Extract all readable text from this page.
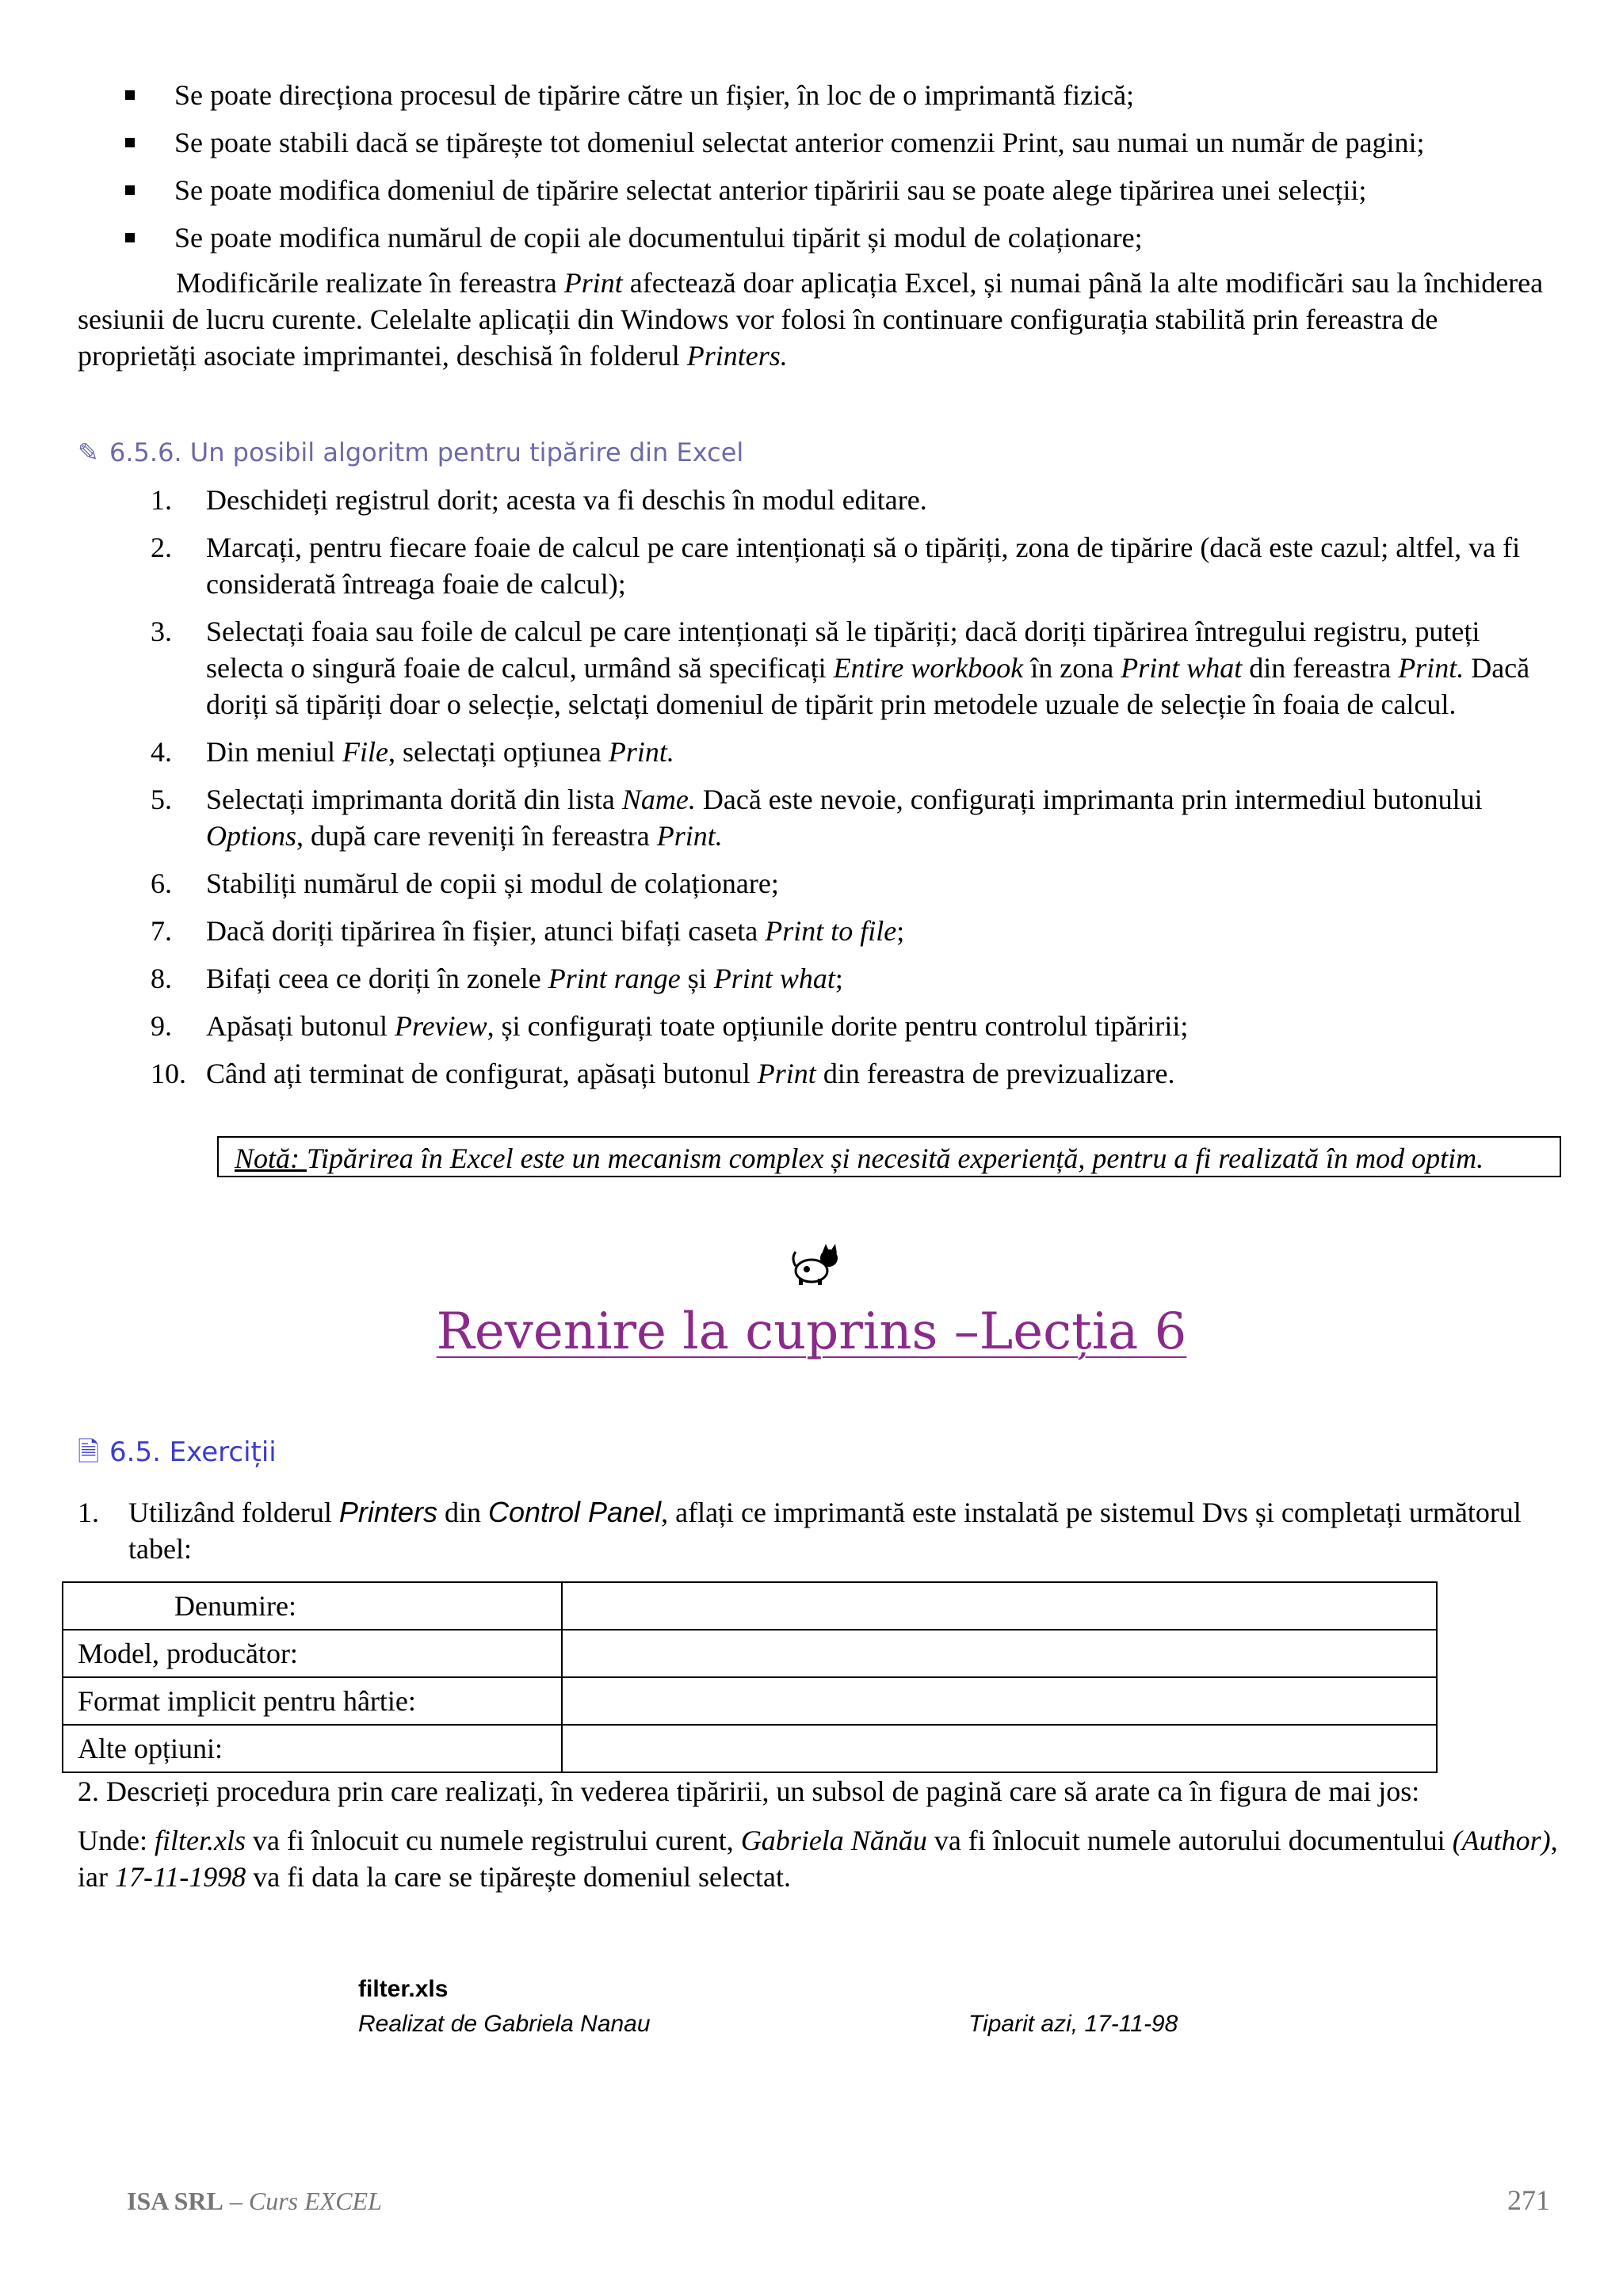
Se poate direcționa procesul de tipărire către un fișier, în loc de o imprimantă fizică;
Se poate stabili dacă se tipărește tot domeniul selectat anterior comenzii Print, sau numai un număr de pagini;
Se poate modifica domeniul de tipărire selectat anterior tipăririi sau se poate alege tipărirea unei selecții;
Se poate modifica numărul de copii ale documentului tipărit și modul de colaționare;
Modificările realizate în fereastra Print afectează doar aplicația Excel, și numai până la alte modificări sau la închiderea sesiunii de lucru curente. Celelalte aplicații din Windows vor folosi în continuare configurația stabilită prin fereastra de proprietăți asociate imprimantei, deschisă în folderul Printers.
✎ 6.5.6. Un posibil algoritm pentru tipărire din Excel
1.	Deschideți registrul dorit; acesta va fi deschis în modul editare.
2.	Marcați, pentru fiecare foaie de calcul pe care intenționați să o tipăriți, zona de tipărire (dacă este cazul; altfel, va fi considerată întreaga foaie de calcul);
3.	Selectați foaia sau foile de calcul pe care intenționați să le tipăriți; dacă doriți tipărirea întregului registru, puteți selecta o singură foaie de calcul, urmând să specificați Entire workbook în zona Print what din fereastra Print. Dacă doriți să tipăriți doar o selecție, selctați domeniul de tipărit prin metodele uzuale de selecție în foaia de calcul.
4.	Din meniul File, selectați opțiunea Print.
5.	Selectați imprimanta dorită din lista Name. Dacă este nevoie, configurați imprimanta prin intermediul butonului Options, după care reveniți în fereastra Print.
6.	Stabiliți numărul de copii și modul de colaționare;
7.	Dacă doriți tipărirea în fișier, atunci bifați caseta Print to file;
8.	Bifați ceea ce doriți în zonele Print range și Print what;
9.	Apăsați butonul Preview, și configurați toate opțiunile dorite pentru controlul tipăririi;
10. Când ați terminat de configurat, apăsați butonul Print din fereastra de previzualizare.
Notă: Tipărirea în Excel este un mecanism complex și necesită experiență, pentru a fi realizată în mod optim.
Revenire la cuprins –Lecția 6
🗎 6.5. Exerciții
1. Utilizând folderul Printers din Control Panel, aflați ce imprimantă este instalată pe sistemul Dvs și completați următorul tabel:
Denumire:	
Model, producător:	
Format implicit pentru hârtie:	
Alte opțiuni:	
2. Descrieți procedura prin care realizați, în vederea tipăririi, un subsol de pagină care să arate ca în figura de mai jos:
Unde: filter.xls va fi înlocuit cu numele registrului curent, Gabriela Nănău va fi înlocuit numele autorului documentului (Author), iar 17-11-1998 va fi data la care se tipărește domeniul selectat.
filter.xls
Realizat de Gabriela Nanau	Tiparit azi, 17-11-98
ISA SRL – Curs EXCEL	271
